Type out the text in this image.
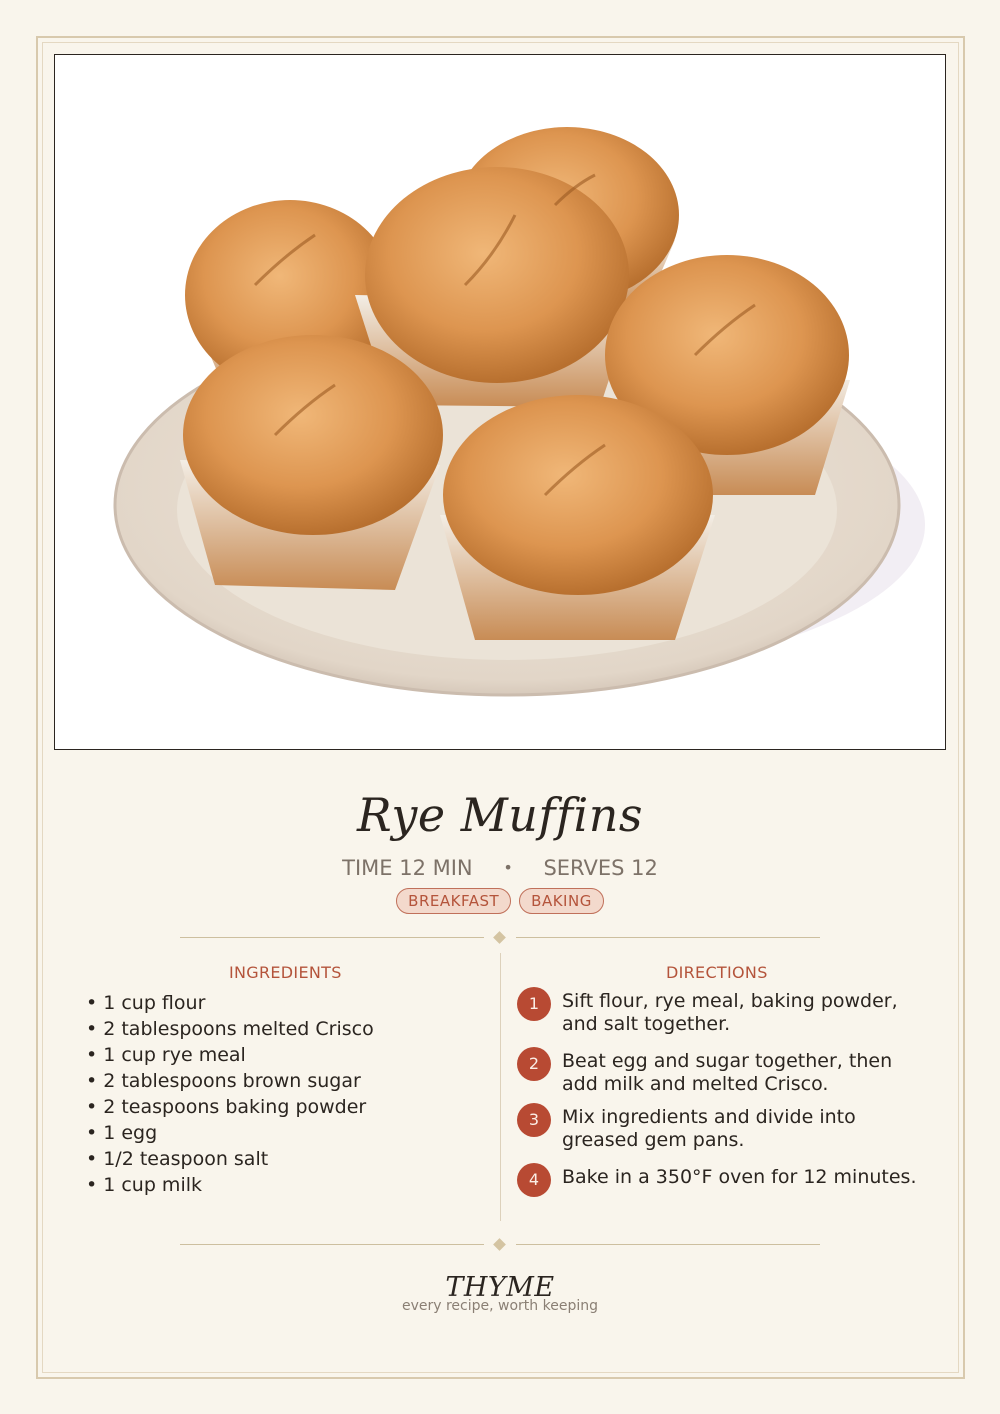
Rye Muffins
TIME 12 MIN • SERVES 12
BREAKFAST	BAKING
INGREDIENTS
• 1 cup flour
• 2 tablespoons melted Crisco
• 1 cup rye meal
• 2 tablespoons brown sugar
• 2 teaspoons baking powder
• 1 egg
• 1/2 teaspoon salt
• 1 cup milk
DIRECTIONS
1	Sift flour, rye meal, baking powder, and salt together.
2	Beat egg and sugar together, then add milk and melted Crisco.
3	Mix ingredients and divide into greased gem pans.
4	Bake in a 350°F oven for 12 minutes.
THYME
every recipe, worth keeping
